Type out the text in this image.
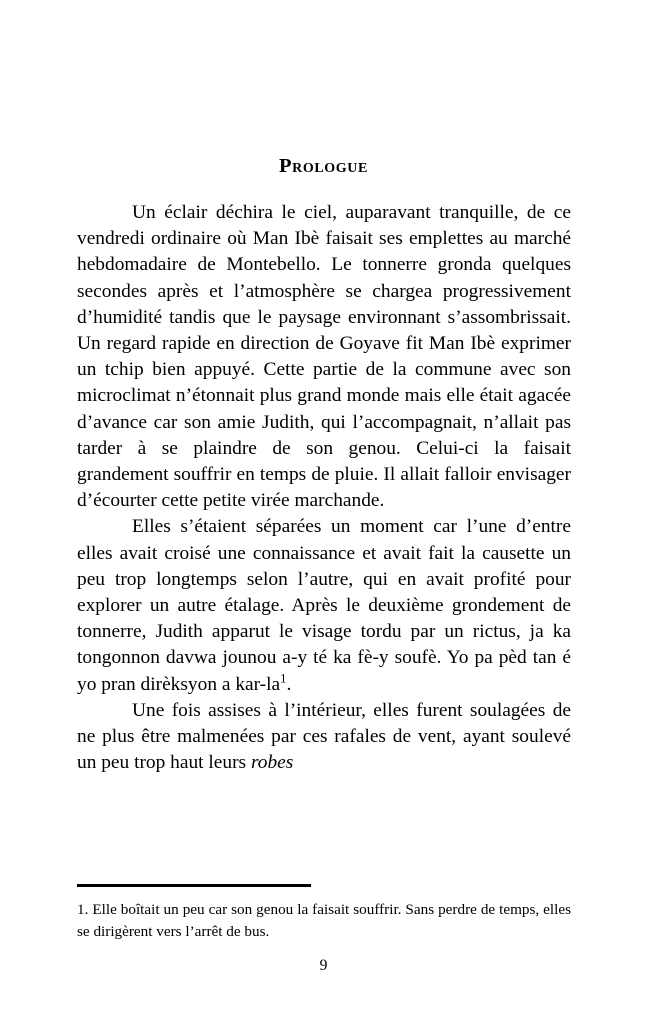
Prologue

Un éclair déchira le ciel, auparavant tranquille, de ce vendredi ordinaire où Man Ibè faisait ses emplettes au marché hebdomadaire de Montebello. Le tonnerre gronda quelques secondes après et l’atmosphère se chargea progressivement d’humidité tandis que le paysage environnant s’assombrissait. Un regard rapide en direction de Goyave fit Man Ibè exprimer un tchip bien appuyé. Cette partie de la commune avec son microclimat n’étonnait plus grand monde mais elle était agacée d’avance car son amie Judith, qui l’accompagnait, n’allait pas tarder à se plaindre de son genou. Celui-ci la faisait grandement souffrir en temps de pluie. Il allait falloir envisager d’écourter cette petite virée marchande.

Elles s’étaient séparées un moment car l’une d’entre elles avait croisé une connaissance et avait fait la causette un peu trop longtemps selon l’autre, qui en avait profité pour explorer un autre étalage. Après le deuxième grondement de tonnerre, Judith apparut le visage tordu par un rictus, ja ka tongonnon davwa jounou a-y té ka fè-y soufè. Yo pa pèd tan é yo pran dirèksyon a kar-la$^1$.

Une fois assises à l’intérieur, elles furent soulagées de ne plus être malmenées par ces rafales de vent, ayant soulevé un peu trop haut leurs robes

1. Elle boîtait un peu car son genou la faisait souffrir. Sans perdre de temps, elles se dirigèrent vers l’arrêt de bus.

9
